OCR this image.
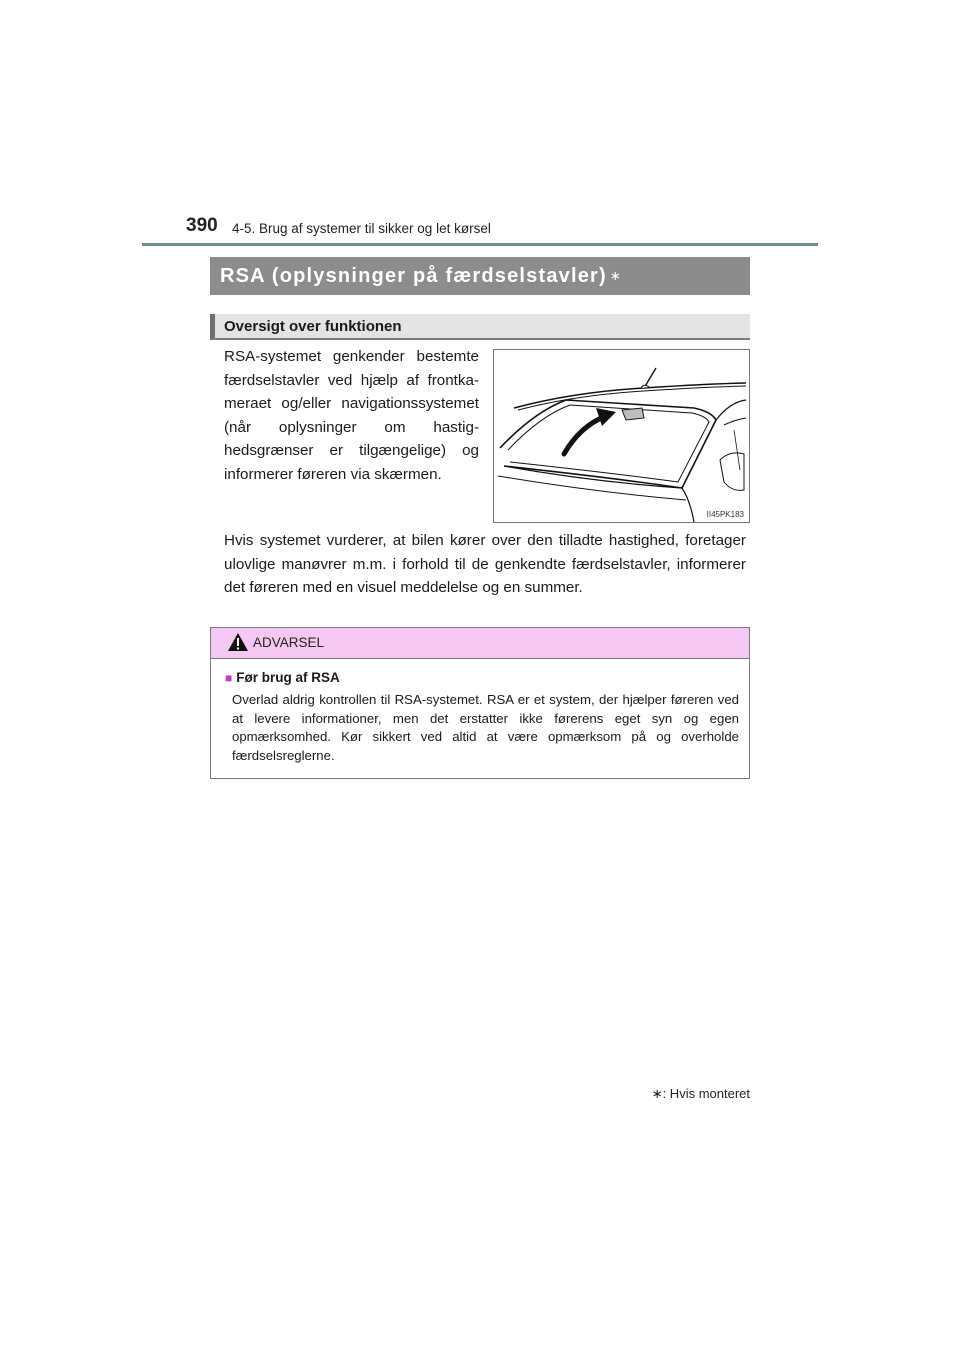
390 4-5. Brug af systemer til sikker og let kørsel
RSA (oplysninger på færdselstavler) ∗
Oversigt over funktionen
RSA-systemet genkender bestemte færdselstavler ved hjælp af frontkameraet og/eller navigationssystemet (når oplysninger om hastighedsgrænser er tilgængelige) og informerer føreren via skærmen.
II45PK183
Hvis systemet vurderer, at bilen kører over den tilladte hastighed, foretager ulovlige manøvrer m.m. i forhold til de genkendte færdselstavler, informerer det føreren med en visuel meddelelse og en summer.
ADVARSEL
■ Før brug af RSA
Overlad aldrig kontrollen til RSA-systemet. RSA er et system, der hjælper føreren ved at levere informationer, men det erstatter ikke førerens eget syn og egen opmærksomhed. Kør sikkert ved altid at være opmærksom på og overholde færdselsreglerne.
∗: Hvis monteret
